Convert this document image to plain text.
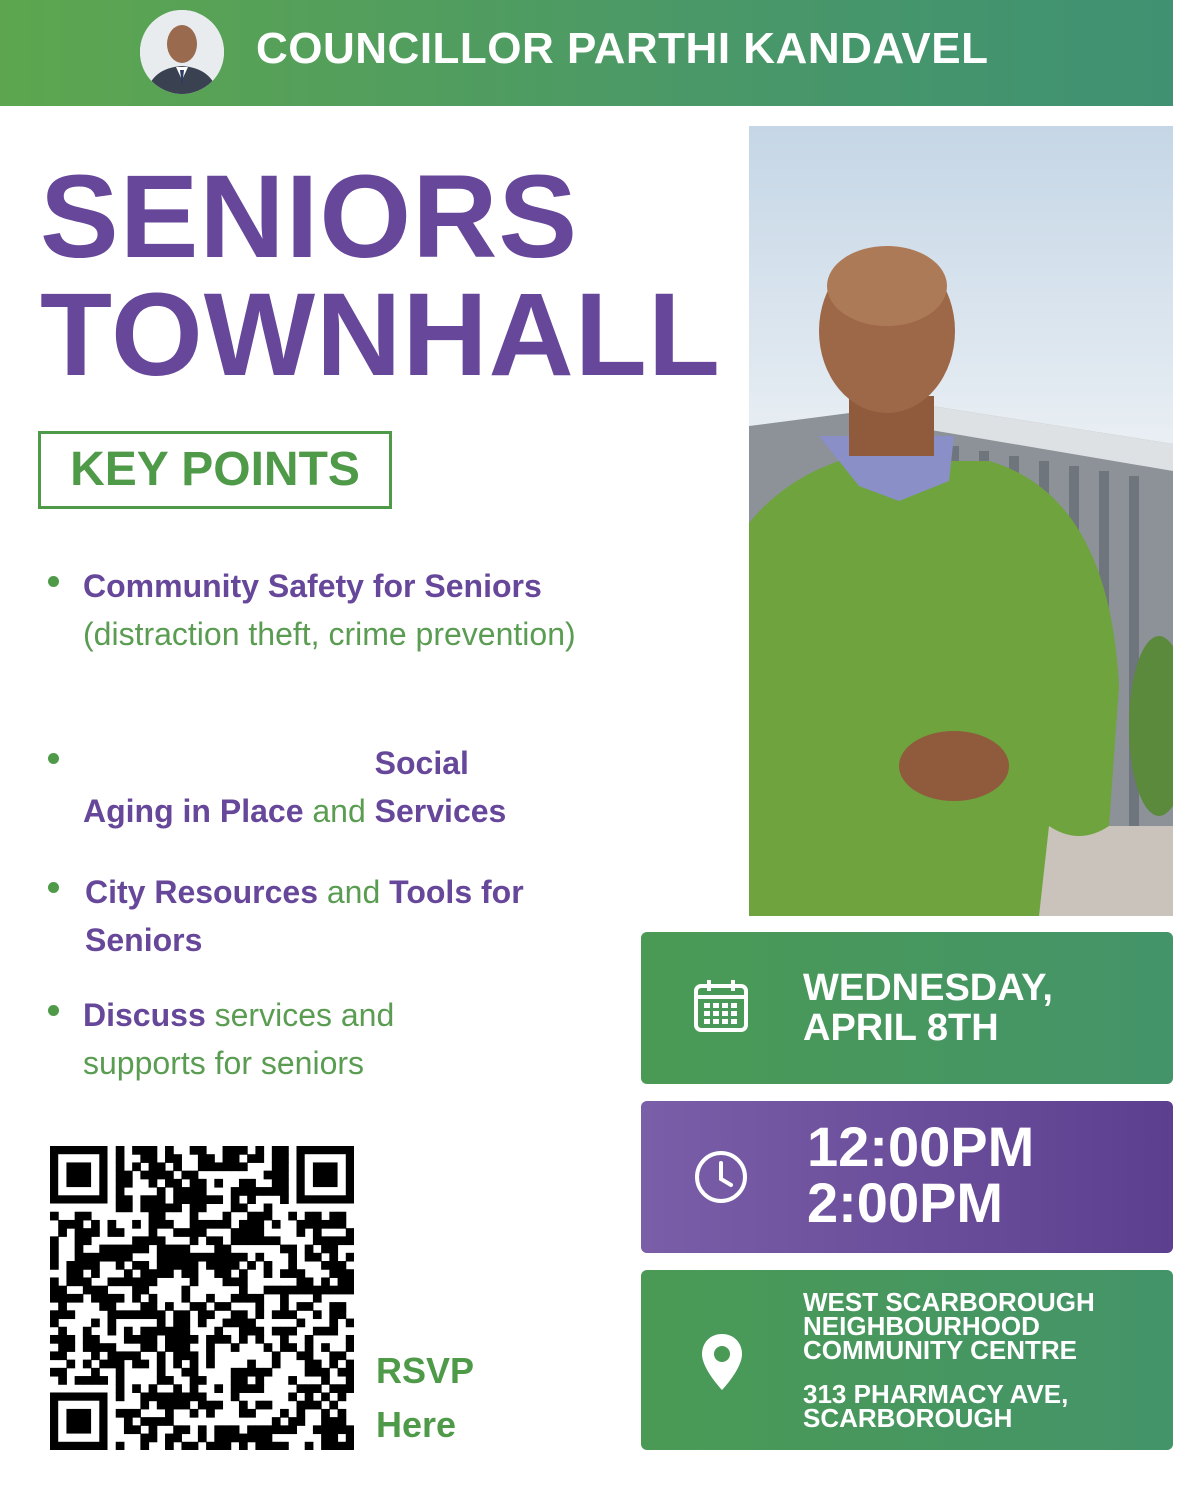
COUNCILLOR PARTHI KANDAVEL
SENIORS
TOWNHALL
KEY POINTS
Community Safety for Seniors
(distraction theft, crime prevention)
Aging in Place and Social Services
City Resources and Tools for Seniors
Discuss services and supports for seniors
WEDNESDAY,
APRIL 8TH
12:00PM
2:00PM
WEST SCARBOROUGH
NEIGHBOURHOOD
COMMUNITY CENTRE
313 PHARMACY AVE,
SCARBOROUGH
RSVP
Here
